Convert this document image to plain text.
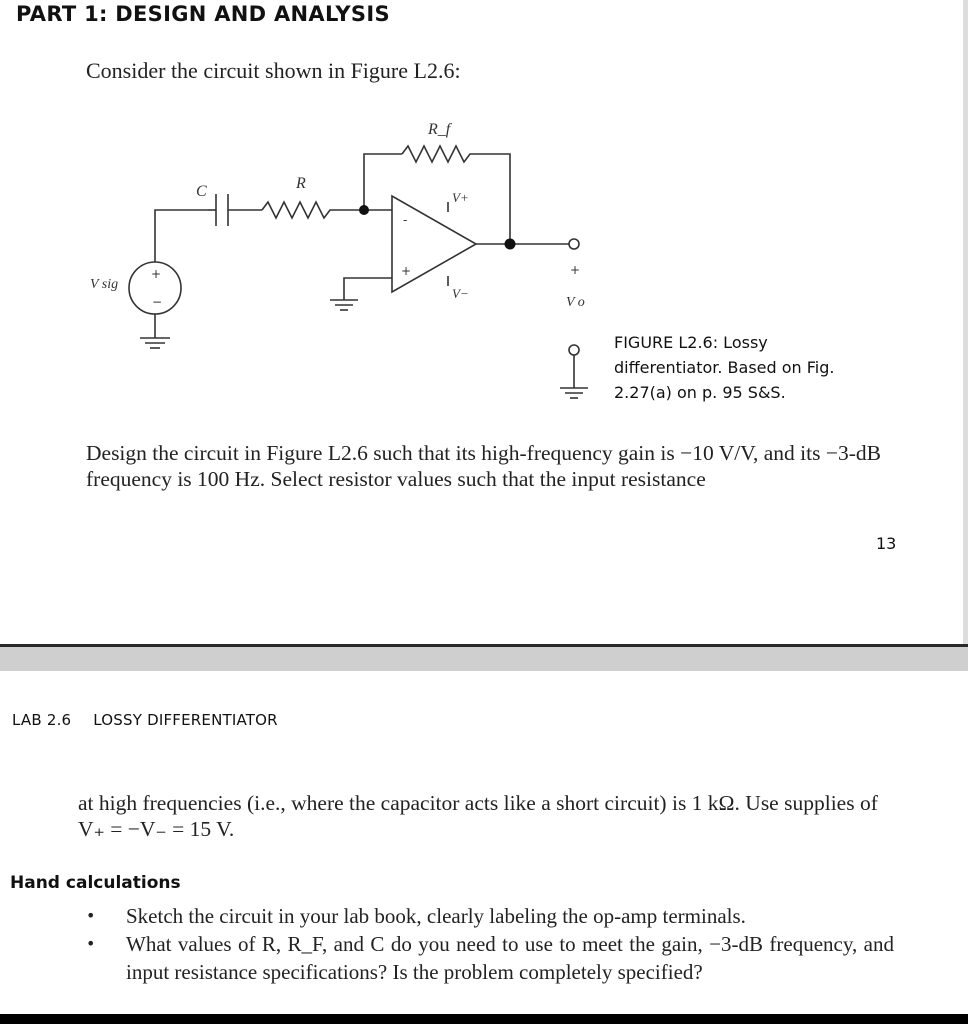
PART 1: DESIGN AND ANALYSIS
Consider the circuit shown in Figure L2.6:
R_f
C	R
V+
V−
V sig
V o
+
−
-
+	+
FIGURE L2.6: Lossy differentiator. Based on Fig. 2.27(a) on p. 95 S&S.
Design the circuit in Figure L2.6 such that its high-frequency gain is −10 V/V, and its −3-dB frequency is 100 Hz. Select resistor values such that the input resistance
13
LAB 2.6 LOSSY DIFFERENTIATOR
at high frequencies (i.e., where the capacitor acts like a short circuit) is 1 kΩ. Use supplies of V₊ = −V₋ = 15 V.
Hand calculations
• Sketch the circuit in your lab book, clearly labeling the op-amp terminals.
• What values of R, R_F, and C do you need to use to meet the gain, −3-dB frequency, and input resistance specifications? Is the problem completely specified?
